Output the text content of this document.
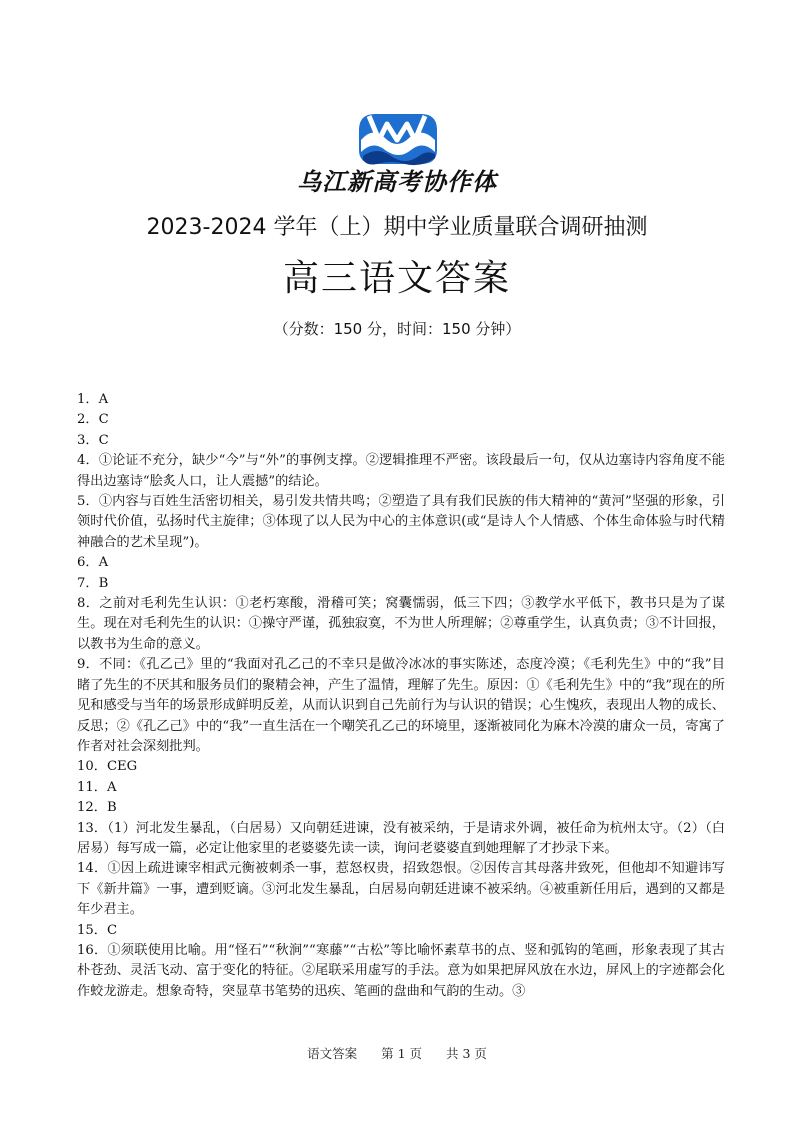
乌江新高考协作体
2023-2024 学年（上）期中学业质量联合调研抽测
高三语文答案
（分数：150 分，时间：150 分钟）

1．A

2．C

3．C

4．①论证不充分，缺少“今”与“外”的事例支撑。②逻辑推理不严密。该段最后一句，仅从边塞诗内容角度不能得出边塞诗“脍炙人口，让人震撼”的结论。

5．①内容与百姓生活密切相关，易引发共情共鸣；②塑造了具有我们民族的伟大精神的“黄河”坚强的形象，引领时代价值，弘扬时代主旋律；③体现了以人民为中心的主体意识(或“是诗人个人情感、个体生命体验与时代精神融合的艺术呈现”)。

6．A

7．B

8．之前对毛利先生认识：①老朽寒酸，滑稽可笑；窝囊懦弱，低三下四；③教学水平低下，教书只是为了谋生。现在对毛利先生的认识：①操守严谨，孤独寂寞，不为世人所理解；②尊重学生，认真负责；③不计回报，以教书为生命的意义。

9．不同：《孔乙己》里的“我面对孔乙己的不幸只是做冷冰冰的事实陈述，态度冷漠；《毛利先生》中的“我”目睹了先生的不厌其和服务员们的聚精会神，产生了温情，理解了先生。原因：①《毛利先生》中的“我”现在的所见和感受与当年的场景形成鲜明反差，从而认识到自己先前行为与认识的错误；心生愧疚，表现出人物的成长、反思；②《孔乙己》中的“我”一直生活在一个嘲笑孔乙己的环境里，逐渐被同化为麻木冷漠的庸众一员，寄寓了作者对社会深刻批判。

10．CEG

11．A

12．B

13．（1）河北发生暴乱，（白居易）又向朝廷进谏，没有被采纳，于是请求外调，被任命为杭州太守。（2）（白居易）每写成一篇，必定让他家里的老婆婆先读一读，询问老婆婆直到她理解了才抄录下来。

14．①因上疏进谏宰相武元衡被刺杀一事，惹怒权贵，招致怨恨。②因传言其母落井致死，但他却不知避讳写下《新井篇》一事，遭到贬谪。③河北发生暴乱，白居易向朝廷进谏不被采纳。④被重新任用后，遇到的又都是年少君主。

15．C

16．①须联使用比喻。用“怪石”“秋涧”“寒藤”“古松”等比喻怀素草书的点、竖和弧钩的笔画，形象表现了其古朴苍劲、灵活飞动、富于变化的特征。②尾联采用虚写的手法。意为如果把屏风放在水边，屏风上的字迹都会化作蛟龙游走。想象奇特，突显草书笔势的迅疾、笔画的盘曲和气韵的生动。③

语文答案 第 1 页 共 3 页
